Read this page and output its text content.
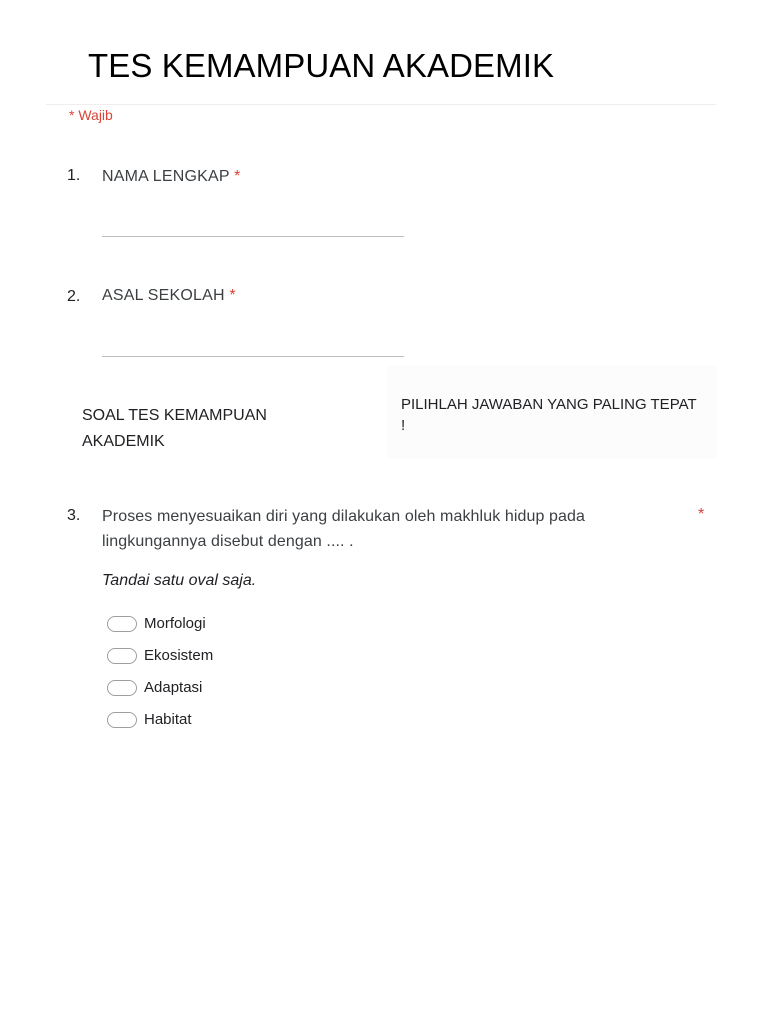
TES KEMAMPUAN AKADEMIK
* Wajib
1. NAMA LENGKAP *
2. ASAL SEKOLAH *
SOAL TES KEMAMPUAN AKADEMIK
PILIHLAH JAWABAN YANG PALING TEPAT !
3. Proses menyesuaikan diri yang dilakukan oleh makhluk hidup pada lingkungannya disebut dengan .... .
*
Tandai satu oval saja.
Morfologi
Ekosistem
Adaptasi
Habitat
